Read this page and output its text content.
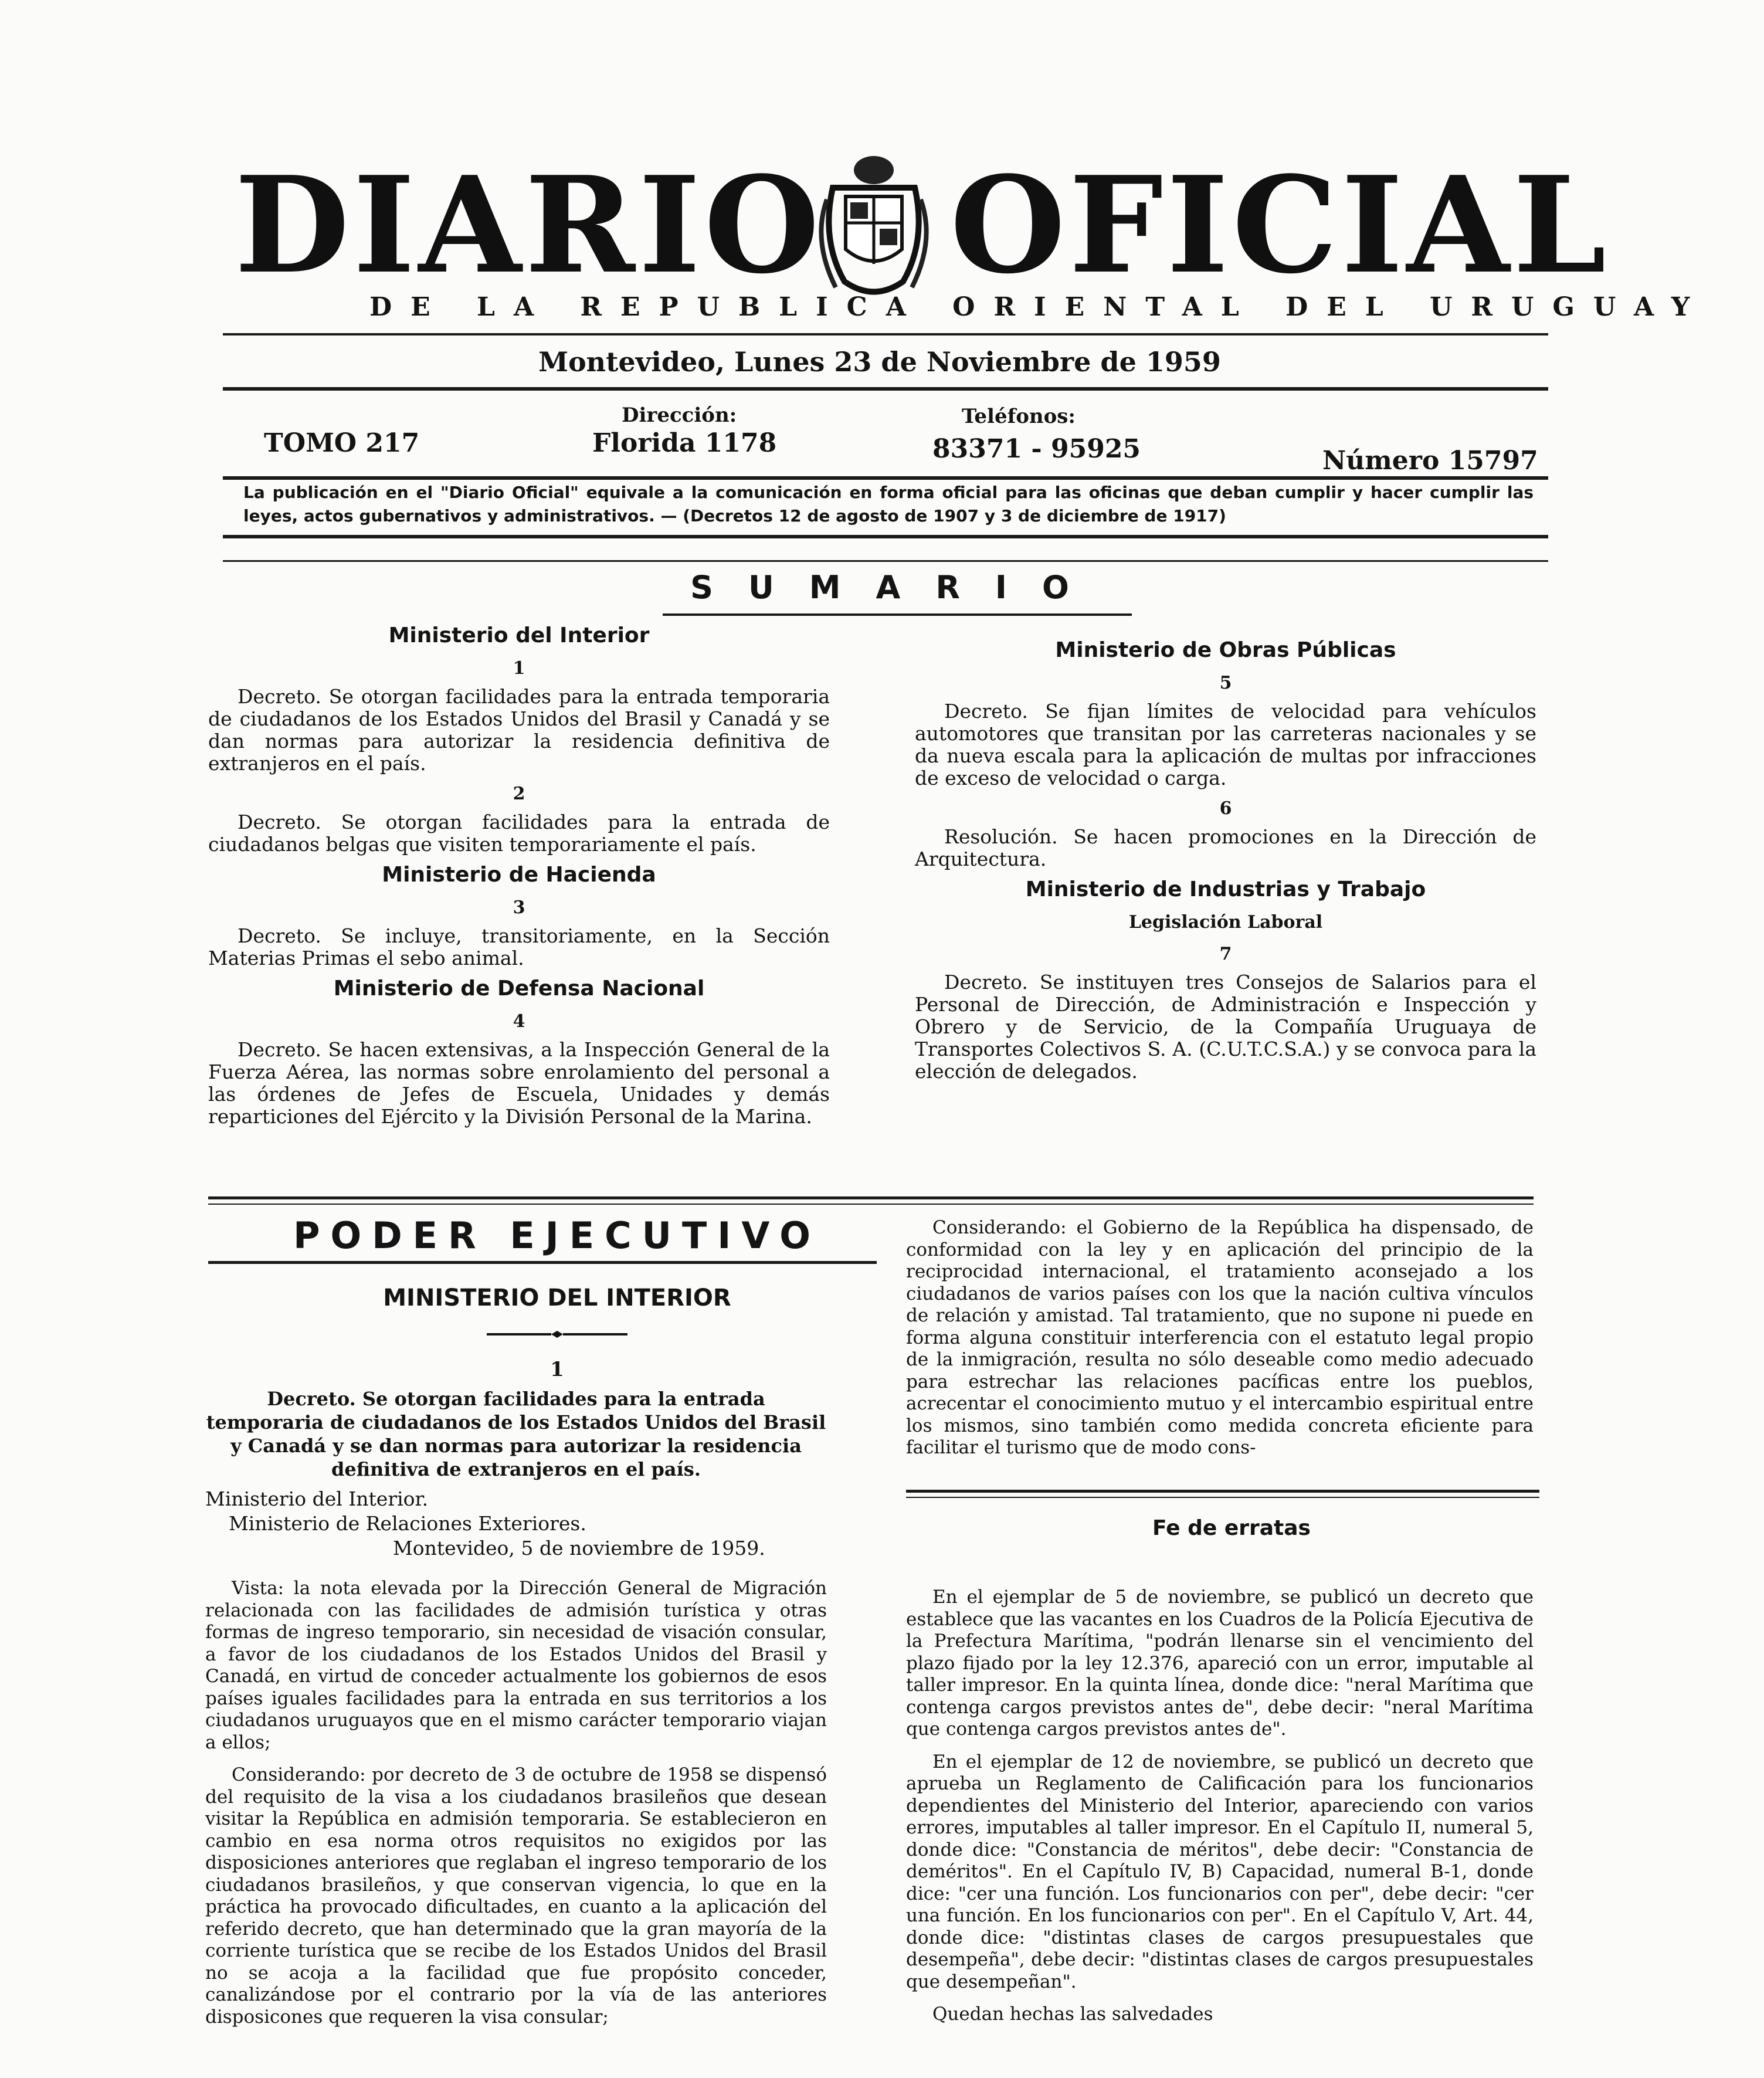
DIARIO OFICIAL
DE LA REPUBLICA ORIENTAL DEL URUGUAY
Montevideo, Lunes 23 de Noviembre de 1959
TOMO 217
Dirección:
Florida 1178
Teléfonos:
83371 - 95925	Número 15797
La publicación en el "Diario Oficial" equivale a la comunicación en forma oficial para las oficinas que deban cumplir y hacer cumplir las leyes, actos gubernativos y administrativos. — (Decretos 12 de agosto de 1907 y 3 de diciembre de 1917)
SUMARIO
Ministerio del Interior
1
Decreto. Se otorgan facilidades para la entrada temporaria de ciudadanos de los Estados Unidos del Brasil y Canadá y se dan normas para autorizar la residencia definitiva de extranjeros en el país.
2
Decreto. Se otorgan facilidades para la entrada de ciudadanos belgas que visiten temporariamente el país.
Ministerio de Hacienda
3
Decreto. Se incluye, transitoriamente, en la Sección Materias Primas el sebo animal.
Ministerio de Defensa Nacional
4
Decreto. Se hacen extensivas, a la Inspección General de la Fuerza Aérea, las normas sobre enrolamiento del personal a las órdenes de Jefes de Escuela, Unidades y demás reparticiones del Ejército y la División Personal de la Marina.
Ministerio de Obras Públicas
5
Decreto. Se fijan límites de velocidad para vehículos automotores que transitan por las carreteras nacionales y se da nueva escala para la aplicación de multas por infracciones de exceso de velocidad o carga.
6
Resolución. Se hacen promociones en la Dirección de Arquitectura.
Ministerio de Industrias y Trabajo
Legislación Laboral
7
Decreto. Se instituyen tres Consejos de Salarios para el Personal de Dirección, de Administración e Inspección y Obrero y de Servicio, de la Compañía Uruguaya de Transportes Colectivos S. A. (C.U.T.C.S.A.) y se convoca para la elección de delegados.
PODER EJECUTIVO
MINISTERIO DEL INTERIOR
1
Decreto. Se otorgan facilidades para la entrada temporaria de ciudadanos de los Estados Unidos del Brasil y Canadá y se dan normas para autorizar la residencia definitiva de extranjeros en el país.
Ministerio del Interior.
Ministerio de Relaciones Exteriores.
Montevideo, 5 de noviembre de 1959.

Vista: la nota elevada por la Dirección General de Migración relacionada con las facilidades de admisión turística y otras formas de ingreso temporario, sin necesidad de visación consular, a favor de los ciudadanos de los Estados Unidos del Brasil y Canadá, en virtud de conceder actualmente los gobiernos de esos países iguales facilidades para la entrada en sus territorios a los ciudadanos uruguayos que en el mismo carácter temporario viajan a ellos;

Considerando: por decreto de 3 de octubre de 1958 se dispensó del requisito de la visa a los ciudadanos brasileños que desean visitar la República en admisión temporaria. Se establecieron en cambio en esa norma otros requisitos no exigidos por las disposiciones anteriores que reglaban el ingreso temporario de los ciudadanos brasileños, y que conservan vigencia, lo que en la práctica ha provocado dificultades, en cuanto a la aplicación del referido decreto, que han determinado que la gran mayoría de la corriente turística que se recibe de los Estados Unidos del Brasil no se acoja a la facilidad que fue propósito conceder, canalizándose por el contrario por la vía de las anteriores disposicones que requeren la visa consular;

Considerando: el Gobierno de la República ha dispensado, de conformidad con la ley y en aplicación del principio de la reciprocidad internacional, el tratamiento aconsejado a los ciudadanos de varios países con los que la nación cultiva vínculos de relación y amistad. Tal tratamiento, que no supone ni puede en forma alguna constituir interferencia con el estatuto legal propio de la inmigración, resulta no sólo deseable como medio adecuado para estrechar las relaciones pacíficas entre los pueblos, acrecentar el conocimiento mutuo y el intercambio espiritual entre los mismos, sino también como medida concreta eficiente para facilitar el turismo que de modo cons-

Fe de erratas

En el ejemplar de 5 de noviembre, se publicó un decreto que establece que las vacantes en los Cuadros de la Policía Ejecutiva de la Prefectura Marítima, "podrán llenarse sin el vencimiento del plazo fijado por la ley 12.376, apareció con un error, imputable al taller impresor. En la quinta línea, donde dice: "neral Marítima que contenga cargos previstos antes de", debe decir: "neral Marítima que contenga cargos previstos antes de".

En el ejemplar de 12 de noviembre, se publicó un decreto que aprueba un Reglamento de Calificación para los funcionarios dependientes del Ministerio del Interior, apareciendo con varios errores, imputables al taller impresor. En el Capítulo II, numeral 5, donde dice: "Constancia de méritos", debe decir: "Constancia de deméritos". En el Capítulo IV, B) Capacidad, numeral B-1, donde dice: "cer una función. Los funcionarios con per", debe decir: "cer una función. En los funcionarios con per". En el Capítulo V, Art. 44, donde dice: "distintas clases de cargos presupuestales que desempeña", debe decir: "distintas clases de cargos presupuestales que desempeñan".

Quedan hechas las salvedades
